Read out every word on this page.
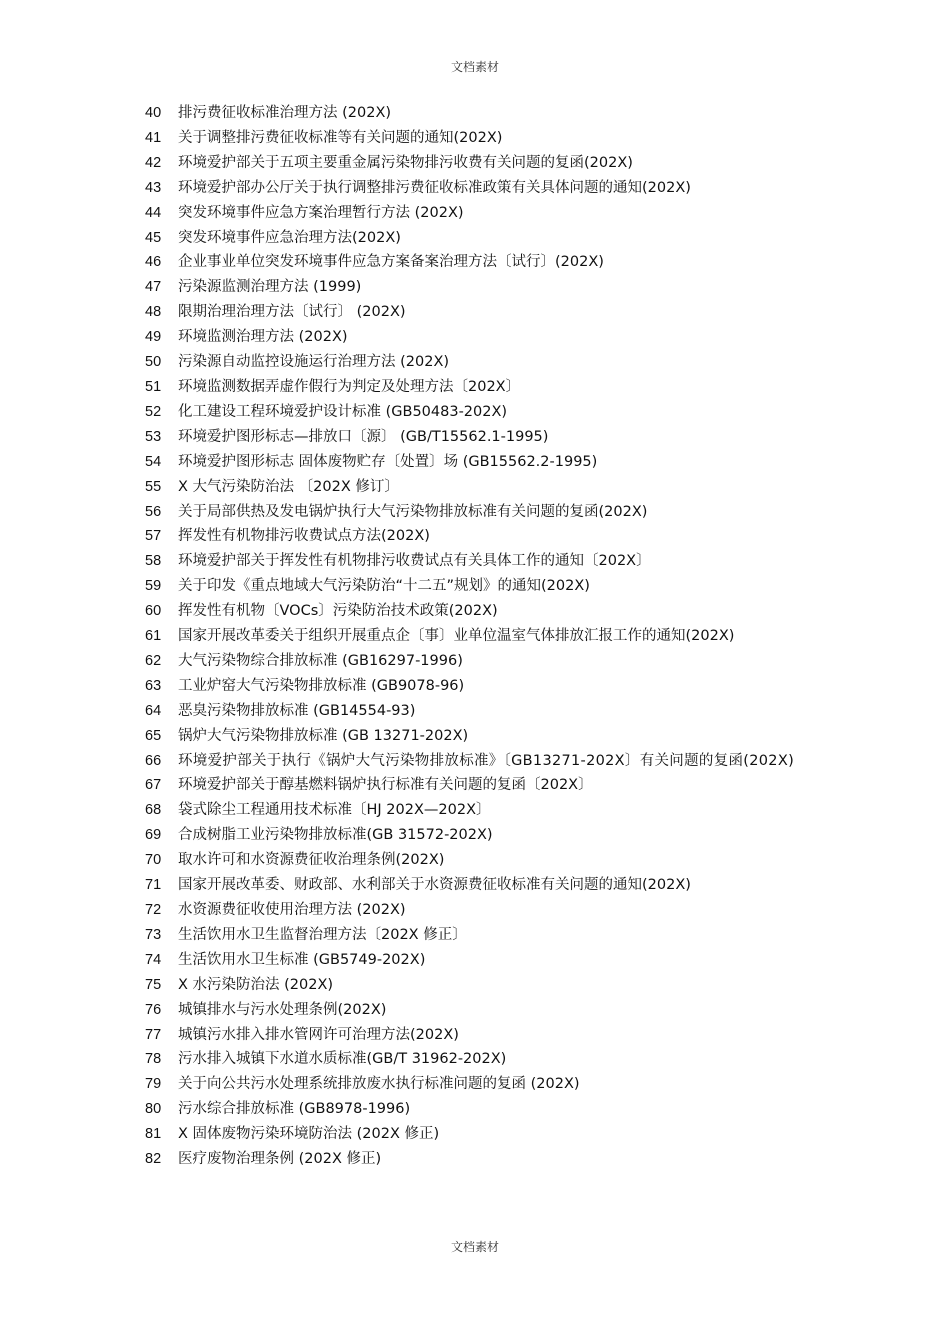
文档素材
40	排污费征收标准治理方法 (202X)
41	关于调整排污费征收标准等有关问题的通知(202X)
42	环境爱护部关于五项主要重金属污染物排污收费有关问题的复函(202X)
43	环境爱护部办公厅关于执行调整排污费征收标准政策有关具体问题的通知(202X)
44	突发环境事件应急方案治理暂行方法 (202X)
45	突发环境事件应急治理方法(202X)
46	企业事业单位突发环境事件应急方案备案治理方法〔试行〕(202X)
47	污染源监测治理方法 (1999)
48	限期治理治理方法〔试行〕 (202X)
49	环境监测治理方法 (202X)
50	污染源自动监控设施运行治理方法 (202X)
51	环境监测数据弄虚作假行为判定及处理方法〔202X〕
52	化工建设工程环境爱护设计标准 (GB50483-202X)
53	环境爱护图形标志—排放口〔源〕 (GB/T15562.1-1995)
54	环境爱护图形标志 固体废物贮存〔处置〕场 (GB15562.2-1995)
55	X 大气污染防治法 〔202X 修订〕
56	关于局部供热及发电锅炉执行大气污染物排放标准有关问题的复函(202X)
57	挥发性有机物排污收费试点方法(202X)
58	环境爱护部关于挥发性有机物排污收费试点有关具体工作的通知〔202X〕
59	关于印发《重点地域大气污染防治“十二五”规划》的通知(202X)
60	挥发性有机物〔VOCs〕污染防治技术政策(202X)
61	国家开展改革委关于组织开展重点企〔事〕业单位温室气体排放汇报工作的通知(202X)
62	大气污染物综合排放标准 (GB16297-1996)
63	工业炉窑大气污染物排放标准 (GB9078-96)
64	恶臭污染物排放标准 (GB14554-93)
65	锅炉大气污染物排放标准 (GB 13271-202X)
66 环境爱护部关于执行《锅炉大气污染物排放标准》〔GB13271-202X〕有关问题的复函(202X)
67	环境爱护部关于醇基燃料锅炉执行标准有关问题的复函〔202X〕
68	袋式除尘工程通用技术标准〔HJ 202X—202X〕
69	合成树脂工业污染物排放标准(GB 31572-202X)
70	取水许可和水资源费征收治理条例(202X)
71	国家开展改革委、财政部、水利部关于水资源费征收标准有关问题的通知(202X)
72	水资源费征收使用治理方法 (202X)
73	生活饮用水卫生监督治理方法〔202X 修正〕
74	生活饮用水卫生标准 (GB5749-202X)
75	X 水污染防治法 (202X)
76	城镇排水与污水处理条例(202X)
77	城镇污水排入排水管网许可治理方法(202X)
78	污水排入城镇下水道水质标准(GB/T 31962-202X)
79	关于向公共污水处理系统排放废水执行标准问题的复函 (202X)
80	污水综合排放标准 (GB8978-1996)
81	X 固体废物污染环境防治法 (202X 修正)
82	医疗废物治理条例 (202X 修正)
文档素材
